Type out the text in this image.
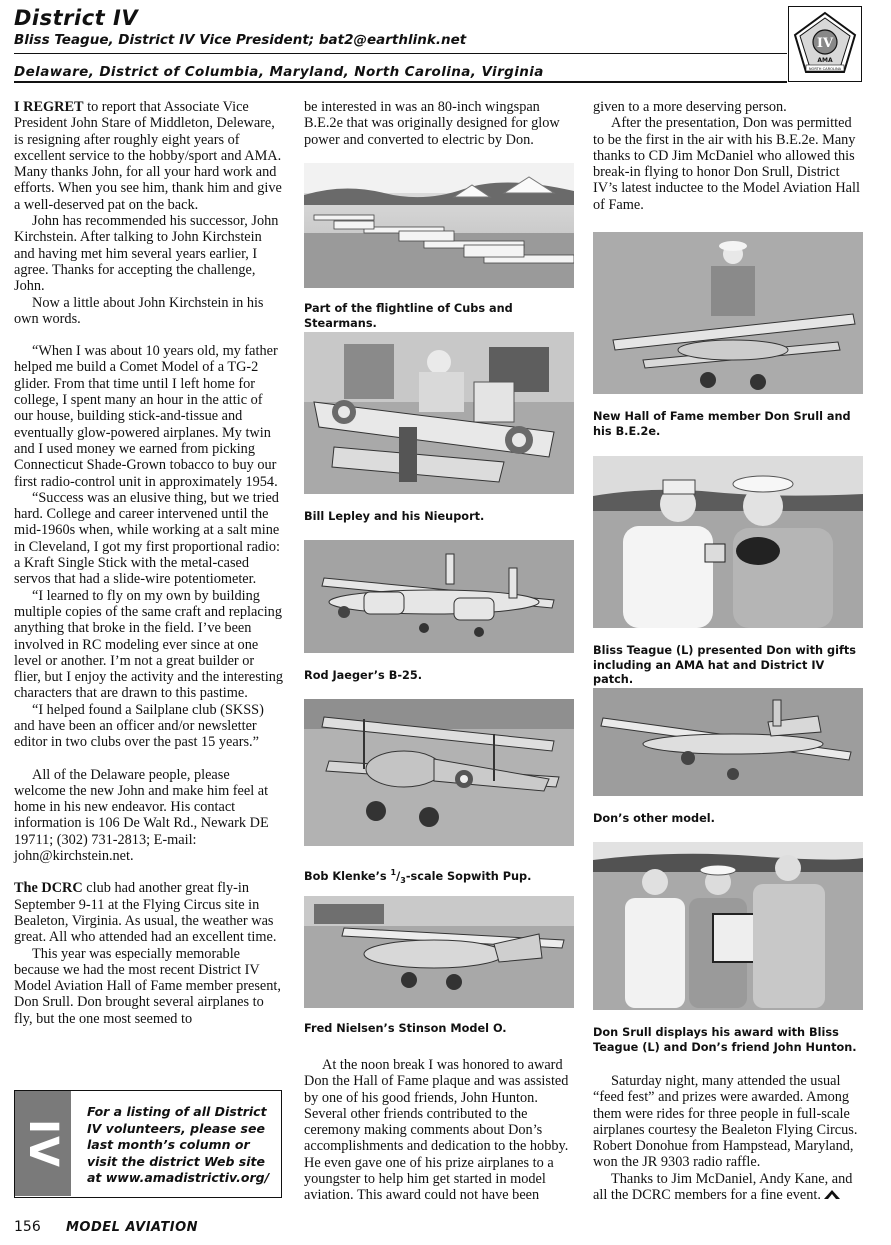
District IV
Bliss Teague, District IV Vice President; bat2@earthlink.net
Delaware, District of Columbia, Maryland, North Carolina, Virginia
IV
AMA
NORTH CAROLINA

I REGRET to report that Associate Vice President John Stare of Middleton, Deleware, is resigning after roughly eight years of excellent service to the hobby/sport and AMA. Many thanks John, for all your hard work and efforts. When you see him, thank him and give a well-deserved pat on the back.

John has recommended his successor, John Kirchstein. After talking to John Kirchstein and having met him several years earlier, I agree. Thanks for accepting the challenge, John.

Now a little about John Kirchstein in his own words.

“When I was about 10 years old, my father helped me build a Comet Model of a TG-2 glider. From that time until I left home for college, I spent many an hour in the attic of our house, building stick-and-tissue and eventually glow-powered airplanes. My twin and I used money we earned from picking Connecticut Shade-Grown tobacco to buy our first radio-control unit in approximately 1954.

“Success was an elusive thing, but we tried hard. College and career intervened until the mid-1960s when, while working at a salt mine in Cleveland, I got my first proportional radio: a Kraft Single Stick with the metal-cased servos that had a slide-wire potentiometer.

“I learned to fly on my own by building multiple copies of the same craft and replacing anything that broke in the field. I’ve been involved in RC modeling ever since at one level or another. I’m not a great builder or flier, but I enjoy the activity and the interesting characters that are drawn to this pastime.

“I helped found a Sailplane club (SKSS) and have been an officer and/or newsletter editor in two clubs over the past 15 years.”

All of the Delaware people, please welcome the new John and make him feel at home in his new endeavor. His contact information is 106 De Walt Rd., Newark DE 19711; (302) 731-2813; E-mail: john@kirchstein.net.

The DCRC club had another great fly-in September 9-11 at the Flying Circus site in Bealeton, Virginia. As usual, the weather was great. All who attended had an excellent time.

This year was especially memorable because we had the most recent District IV Model Aviation Hall of Fame member present, Don Srull. Don brought several airplanes to fly, but the one most seemed to

IV
For a listing of all District IV volunteers, please see last month’s column or visit the district Web site at www.amadistrictiv.org/

be interested in was an 80-inch wingspan B.E.2e that was originally designed for glow power and converted to electric by Don.

At the noon break I was honored to award Don the Hall of Fame plaque and was assisted by one of his good friends, John Hunton. Several other friends contributed to the ceremony making comments about Don’s accomplishments and dedication to the hobby. He even gave one of his prize airplanes to a youngster to help him get started in model aviation. This award could not have been

Part of the flightline of Cubs and Stearmans.
Bill Lepley and his Nieuport.
Rod Jaeger’s B-25.
Bob Klenke’s $^1/_3$-scale Sopwith Pup.
Fred Nielsen’s Stinson Model O.

given to a more deserving person.

After the presentation, Don was permitted to be the first in the air with his B.E.2e. Many thanks to CD Jim McDaniel who allowed this break-in flying to honor Don Srull, District IV’s latest inductee to the Model Aviation Hall of Fame.

Saturday night, many attended the usual “feed fest” and prizes were awarded. Among them were rides for three people in full-scale airplanes courtesy the Bealeton Flying Circus. Robert Donohue from Hampstead, Maryland, won the JR 9303 radio raffle.

Thanks to Jim McDaniel, Andy Kane, and all the DCRC members for a fine event.

New Hall of Fame member Don Srull and his B.E.2e.
Bliss Teague (L) presented Don with gifts including an AMA hat and District IV patch.
Don’s other model.
Don Srull displays his award with Bliss Teague (L) and Don’s friend John Hunton.
156 MODEL AVIATION
